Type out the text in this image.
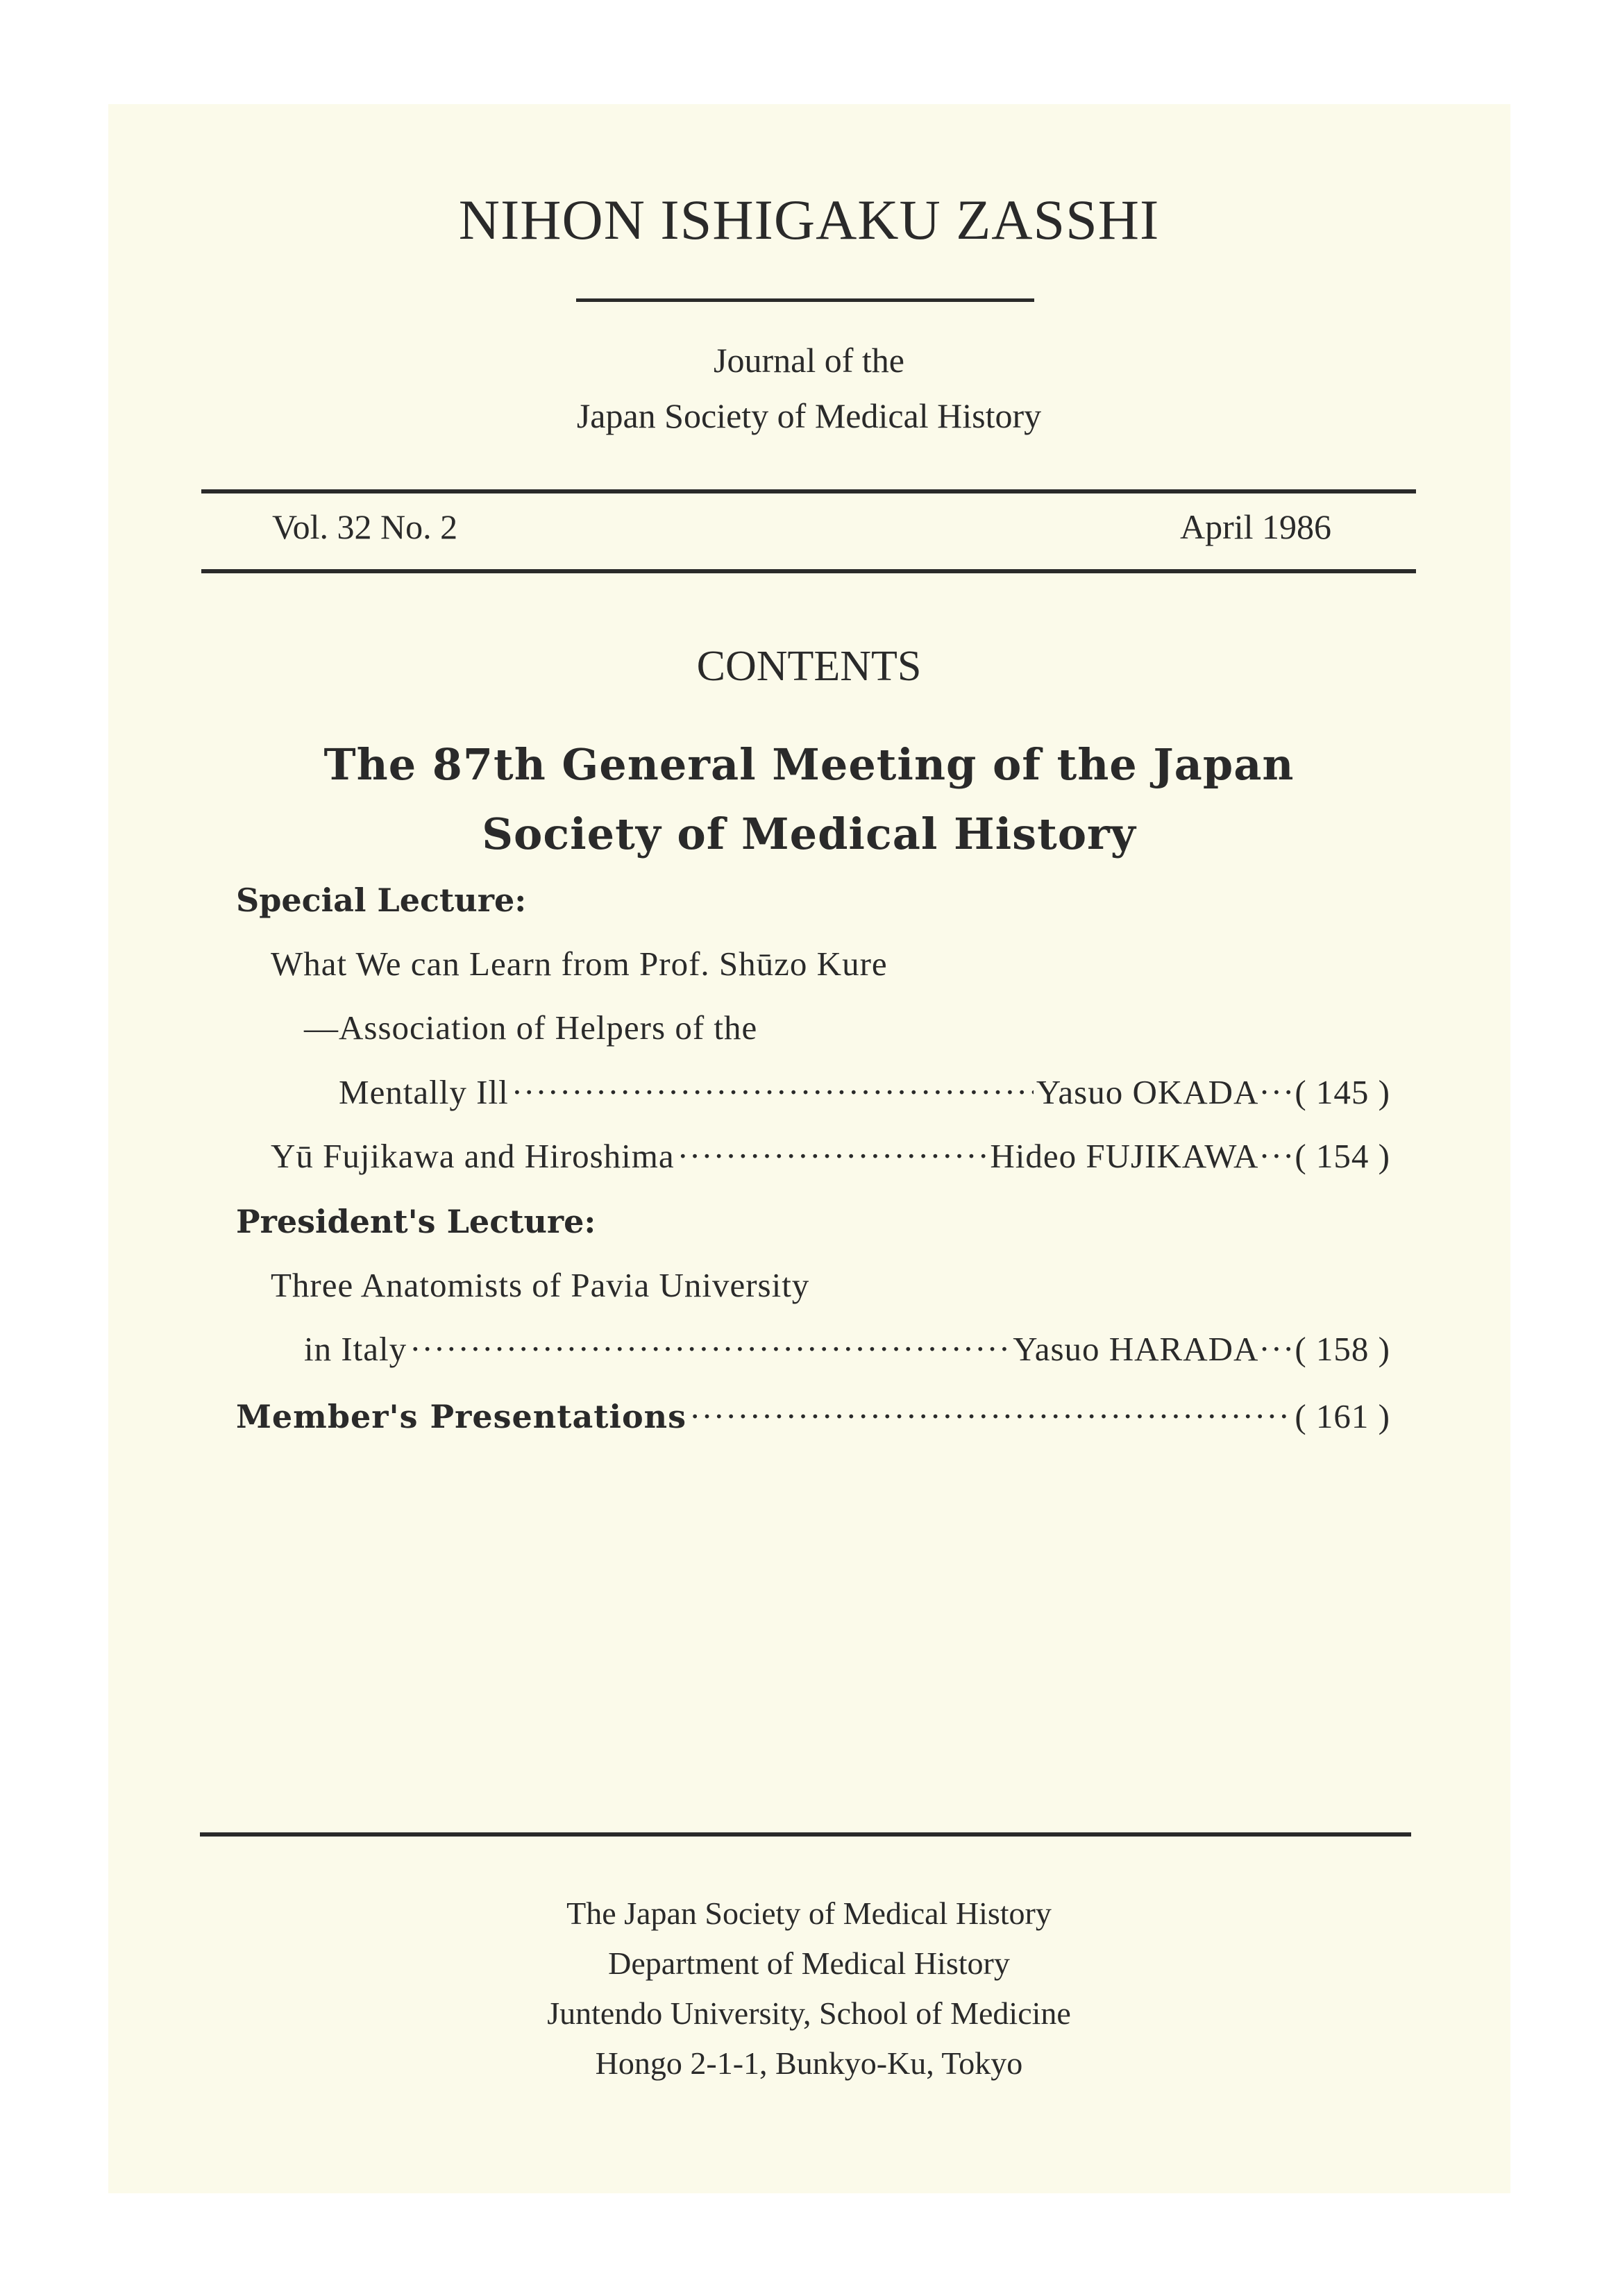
NIHON ISHIGAKU ZASSHI
Journal of the
Japan Society of Medical History
Vol. 32 No. 2	April 1986
CONTENTS
The 87th General Meeting of the Japan
Society of Medical History
Special Lecture:
What We can Learn from Prof. Shūzo Kure
—Association of Helpers of the
Mentally Ill ·····	Yasuo OKADA ···( 145 )
Yū Fujikawa and Hiroshima ·····	Hideo FUJIKAWA ···( 154 )
President's Lecture:
Three Anatomists of Pavia University
in Italy ·····	Yasuo HARADA ···( 158 )
Member's Presentations ·····	( 161 )
The Japan Society of Medical History
Department of Medical History
Juntendo University, School of Medicine
Hongo 2-1-1, Bunkyo-Ku, Tokyo
